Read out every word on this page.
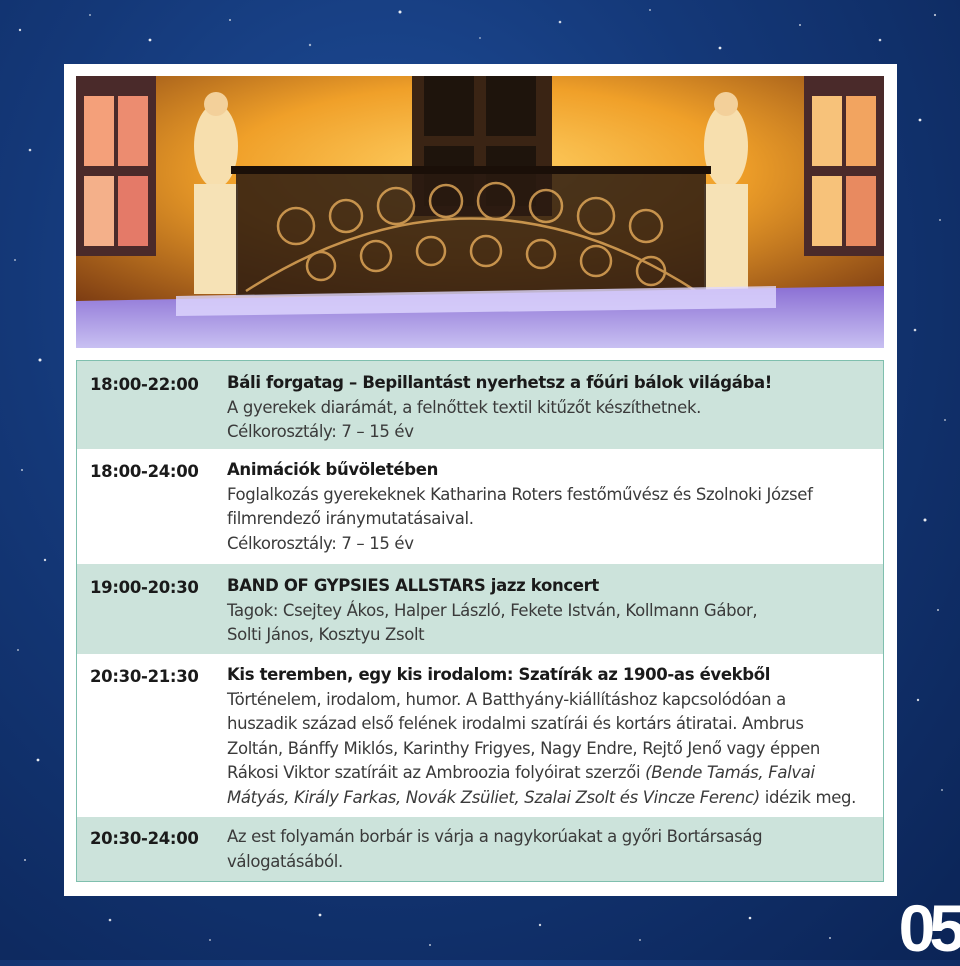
18:00-22:00 Báli forgatag – Bepillantást nyerhetsz a főúri bálok világába!
A gyerekek diarámát, a felnőttek textil kitűzőt készíthetnek.
Célkorosztály: 7 – 15 év
18:00-24:00 Animációk bűvöletében
Foglalkozás gyerekeknek Katharina Roters festőművész és Szolnoki József
filmrendező iránymutatásaival.
Célkorosztály: 7 – 15 év
19:00-20:30 BAND OF GYPSIES ALLSTARS jazz koncert
Tagok: Csejtey Ákos, Halper László, Fekete István, Kollmann Gábor,
Solti János, Kosztyu Zsolt
20:30-21:30 Kis teremben, egy kis irodalom: Szatírák az 1900-as évekből
Történelem, irodalom, humor. A Batthyány-kiállításhoz kapcsolódóan a
huszadik század első felének irodalmi szatírái és kortárs átiratai. Ambrus
Zoltán, Bánffy Miklós, Karinthy Frigyes, Nagy Endre, Rejtő Jenő vagy éppen
Rákosi Viktor szatíráit az Ambroozia folyóirat szerzői (Bende Tamás, Falvai
Mátyás, Király Farkas, Novák Zsüliet, Szalai Zsolt és Vincze Ferenc) idézik meg.
20:30-24:00 Az est folyamán borbár is várja a nagykorúakat a győri Bortársaság
válogatásából.
05
